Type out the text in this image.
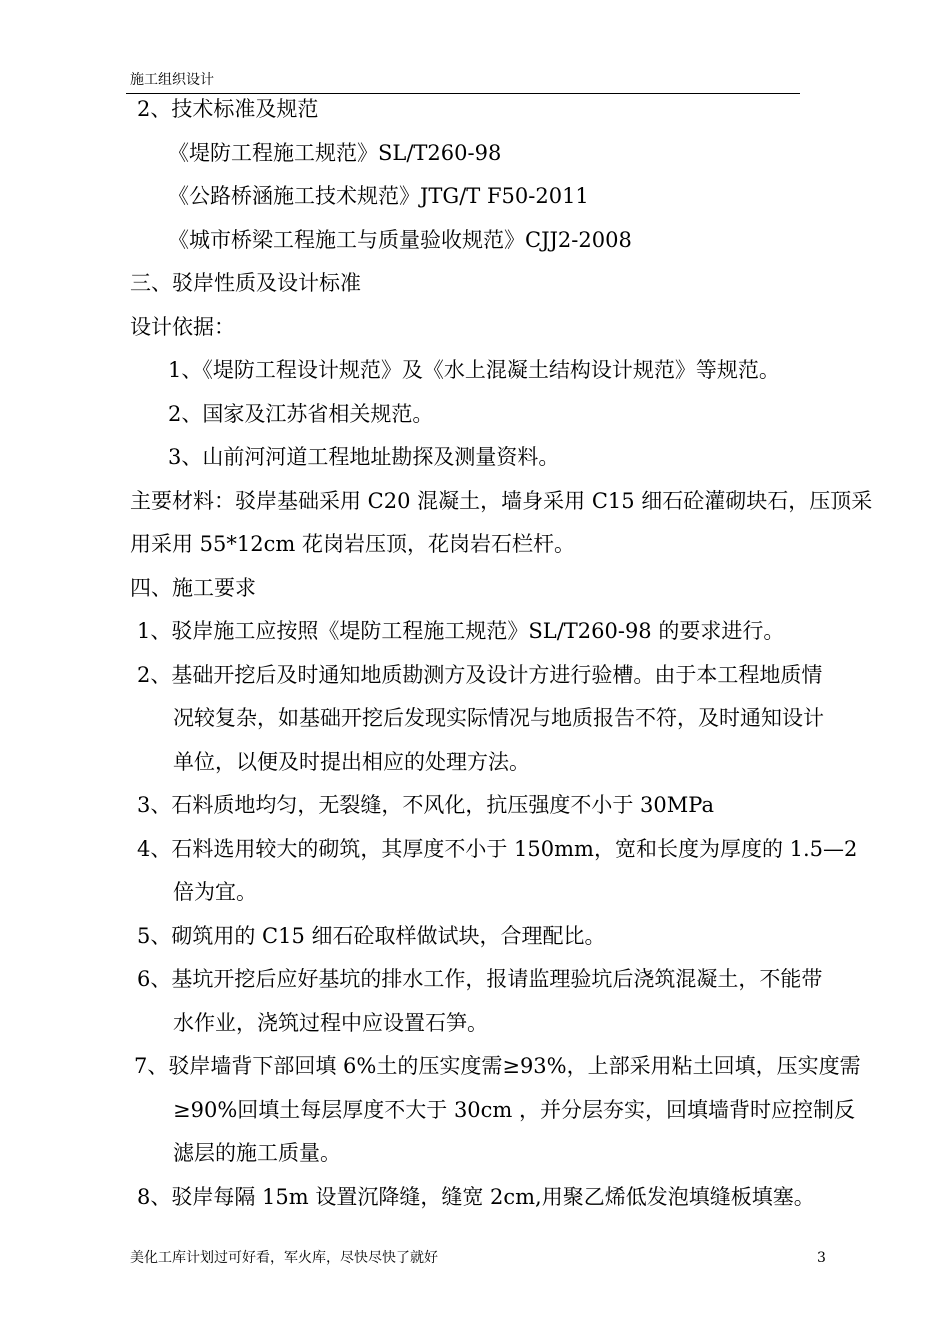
施工组织设计
2、技术标准及规范
《堤防工程施工规范》SL/T260-98
《公路桥涵施工技术规范》JTG/T F50-2011
《城市桥梁工程施工与质量验收规范》CJJ2-2008
三、驳岸性质及设计标准
设计依据：
1、《堤防工程设计规范》及《水上混凝土结构设计规范》等规范。
2、国家及江苏省相关规范。
3、山前河河道工程地址勘探及测量资料。
主要材料：驳岸基础采用 C20 混凝土，墙身采用 C15 细石砼灌砌块石，压顶采
用采用 55*12cm 花岗岩压顶，花岗岩石栏杆。
四、施工要求
1、驳岸施工应按照《堤防工程施工规范》SL/T260-98 的要求进行。
2、基础开挖后及时通知地质勘测方及设计方进行验槽。由于本工程地质情
况较复杂，如基础开挖后发现实际情况与地质报告不符，及时通知设计
单位，以便及时提出相应的处理方法。
3、石料质地均匀，无裂缝，不风化，抗压强度不小于 30MPa
4、石料选用较大的砌筑，其厚度不小于 150mm，宽和长度为厚度的 1.5—2
倍为宜。
5、砌筑用的 C15 细石砼取样做试块，合理配比。
6、基坑开挖后应好基坑的排水工作，报请监理验坑后浇筑混凝土，不能带
水作业，浇筑过程中应设置石笋。
7、驳岸墙背下部回填 6%土的压实度需≥93%，上部采用粘土回填，压实度需
≥90%回填土每层厚度不大于 30cm ，并分层夯实，回填墙背时应控制反
滤层的施工质量。
8、驳岸每隔 15m 设置沉降缝，缝宽 2cm,用聚乙烯低发泡填缝板填塞。
美化工库计划过可好看，军火库，尽快尽快了就好	3
